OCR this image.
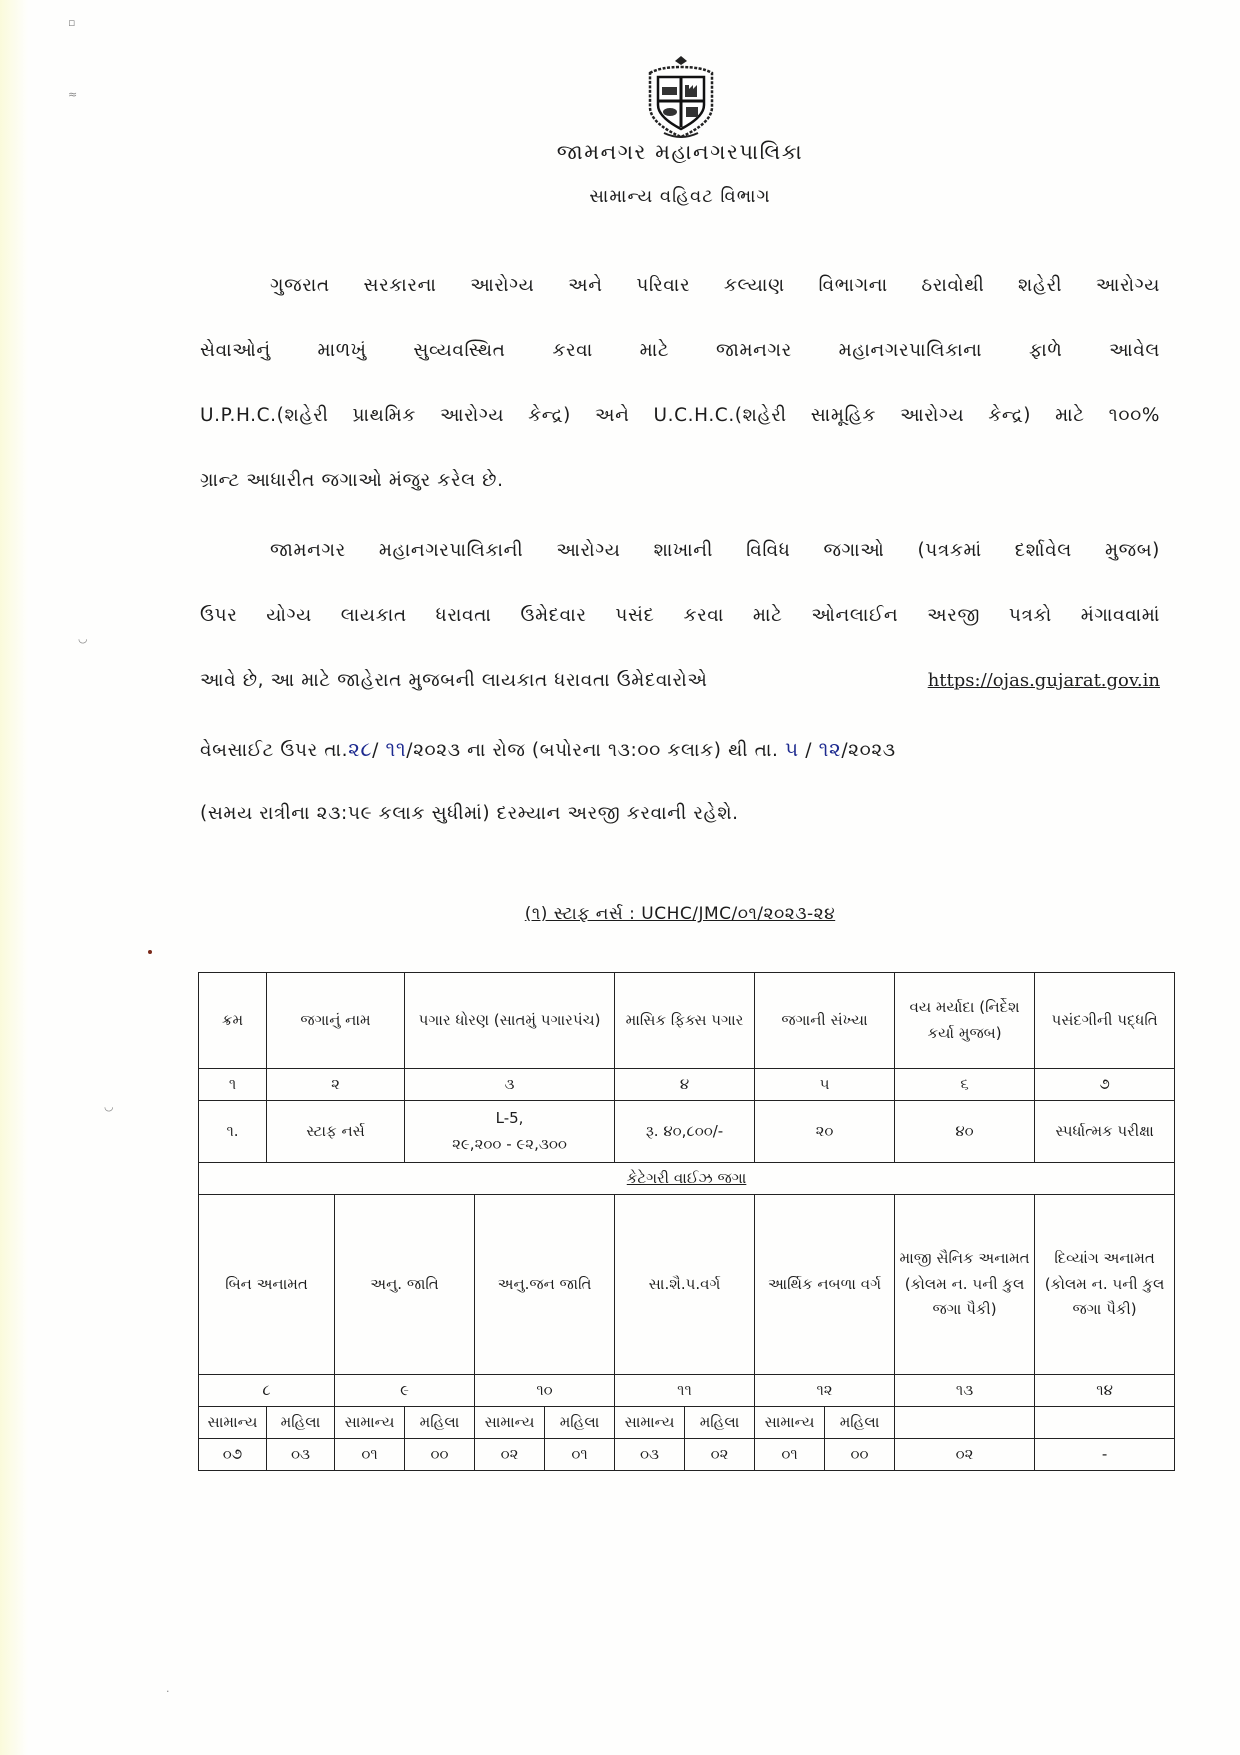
▫
≈
◡
◡
જામનગર મહાનગરપાલિકા
સામાન્ય વહિવટ વિભાગ
ગુજરાત સરકારના આરોગ્ય અને પરિવાર કલ્યાણ વિભાગના ઠરાવોથી શહેરી આરોગ્ય
સેવાઓનું માળખું સુવ્યવસ્થિત કરવા માટે જામનગર મહાનગરપાલિકાના ફાળે આવેલ
U.P.H.C.(શહેરી પ્રાથમિક આરોગ્ય કેન્દ્ર) અને U.C.H.C.(શહેરી સામૂહિક આરોગ્ય કેન્દ્ર) માટે ૧૦૦%
ગ્રાન્ટ આધારીત જગાઓ મંજુર કરેલ છે.
જામનગર મહાનગરપાલિકાની આરોગ્ય શાખાની વિવિધ જગાઓ (પત્રકમાં દર્શાવેલ મુજબ)
ઉપર યોગ્ય લાયકાત ધરાવતા ઉમેદવાર પસંદ કરવા માટે ઓનલાઈન અરજી પત્રકો મંગાવવામાં
આવે છે, આ માટે જાહેરાત મુજબની લાયકાત ધરાવતા ઉમેદવારોએ	https://ojas.gujarat.gov.in
વેબસાઈટ ઉપર તા.૨૮/ ૧૧/૨૦૨૩ ના રોજ (બપોરના ૧૩:૦૦ કલાક) થી તા. ૫ / ૧૨/૨૦૨૩
(સમય રાત્રીના ૨૩:૫૯ કલાક સુધીમાં) દરમ્યાન અરજી કરવાની રહેશે.
(૧) સ્ટાફ નર્સ : UCHC/JMC/૦૧/૨૦૨૩-૨૪
ક્રમ	જગાનું નામ		પગાર ધોરણ (સાતમું પગારપંચ)			માસિક ફિક્સ પગાર		જગાની સંખ્યા		વય મર્યાદા (નિર્દેશ કર્યા મુજબ)	પસંદગીની પદ્ધતિ
૧	૨		૩			૪		૫		૬	૭
૧.	સ્ટાફ નર્સ		L-5,
૨૯,૨૦૦ - ૯૨,૩૦૦			રૂ. ૪૦,૮૦૦/-		૨૦		૪૦	સ્પર્ધાત્મક પરીક્ષા
કેટેગરી વાઈઝ જગા											
બિન અનામત		અનુ. જાતિ		અનુ.જન જાતિ		સા.શૈ.પ.વર્ગ		આર્થિક નબળા વર્ગ		માજી સૈનિક અનામત (કોલમ ન. ૫ની કુલ જગા પૈકી)	દિવ્યાંગ અનામત (કોલમ ન. ૫ની કુલ જગા પૈકી)
૮		૯		૧૦		૧૧		૧૨		૧૩	૧૪
સામાન્ય	મહિલા	સામાન્ય	મહિલા	સામાન્ય	મહિલા	સામાન્ય	મહિલા	સામાન્ય	મહિલા		
૦૭	૦૩	૦૧	૦૦	૦૨	૦૧	૦૩	૦૨	૦૧	૦૦	૦૨	-
·
